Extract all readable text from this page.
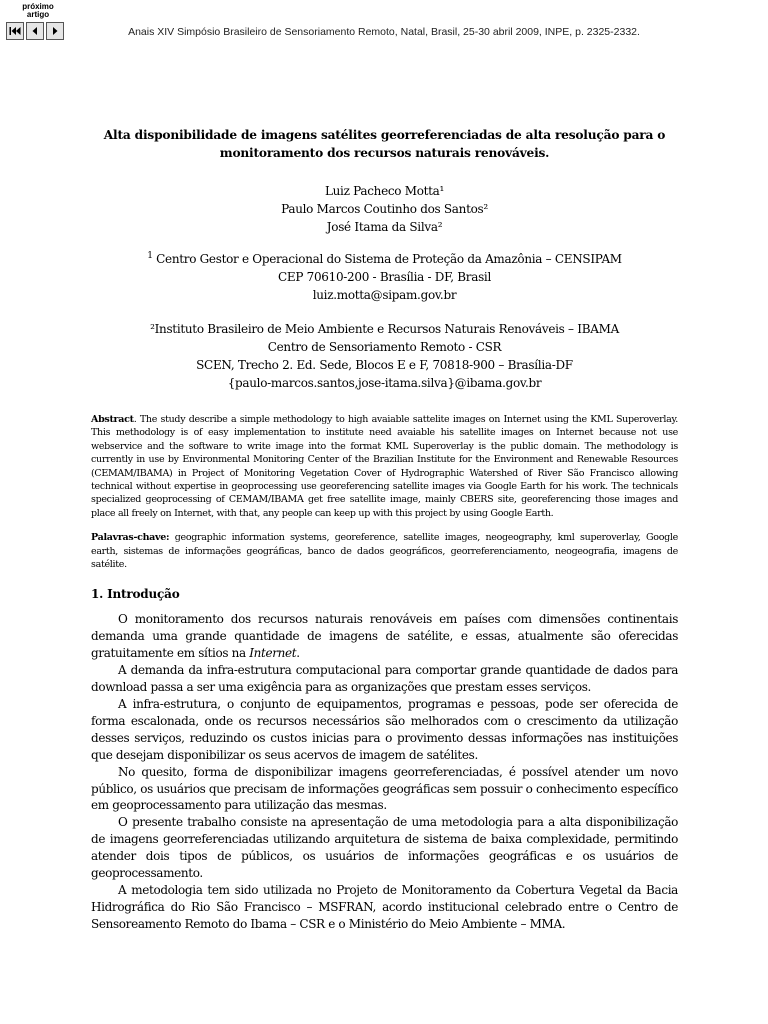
próximo
artigo
Anais XIV Simpósio Brasileiro de Sensoriamento Remoto, Natal, Brasil, 25-30 abril 2009, INPE, p. 2325-2332.
Alta disponibilidade de imagens satélites georreferenciadas de alta resolução para o monitoramento dos recursos naturais renováveis.
Luiz Pacheco Motta¹
Paulo Marcos Coutinho dos Santos²
José Itama da Silva²
$^1$ Centro Gestor e Operacional do Sistema de Proteção da Amazônia – CENSIPAM
CEP 70610-200 - Brasília - DF, Brasil
luiz.motta@sipam.gov.br
²Instituto Brasileiro de Meio Ambiente e Recursos Naturais Renováveis – IBAMA
Centro de Sensoriamento Remoto - CSR
SCEN, Trecho 2. Ed. Sede, Blocos E e F, 70818-900 – Brasília-DF
{paulo-marcos.santos,jose-itama.silva}@ibama.gov.br
Abstract. The study describe a simple methodology to high avaiable sattelite images on Internet using the KML Superoverlay. This methodology is of easy implementation to institute need avaiable his satellite images on Internet because not use webservice and the software to write image into the format KML Superoverlay is the public domain. The methodology is currently in use by Environmental Monitoring Center of the Brazilian Institute for the Environment and Renewable Resources (CEMAM/IBAMA) in Project of Monitoring Vegetation Cover of Hydrographic Watershed of River São Francisco allowing technical without expertise in geoprocessing use georeferencing satellite images via Google Earth for his work. The technicals specialized geoprocessing of CEMAM/IBAMA get free satellite image, mainly CBERS site, georeferencing those images and place all freely on Internet, with that, any people can keep up with this project by using Google Earth.
Palavras-chave: geographic information systems, georeference, satellite images, neogeography, kml superoverlay, Google earth, sistemas de informações geográficas, banco de dados geográficos, georreferenciamento, neogeografia, imagens de satélite.
1. Introdução

O monitoramento dos recursos naturais renováveis em países com dimensões continentais demanda uma grande quantidade de imagens de satélite, e essas, atualmente são oferecidas gratuitamente em sítios na Internet.

A demanda da infra-estrutura computacional para comportar grande quantidade de dados para download passa a ser uma exigência para as organizações que prestam esses serviços.

A infra-estrutura, o conjunto de equipamentos, programas e pessoas, pode ser oferecida de forma escalonada, onde os recursos necessários são melhorados com o crescimento da utilização desses serviços, reduzindo os custos inicias para o provimento dessas informações nas instituições que desejam disponibilizar os seus acervos de imagem de satélites.

No quesito, forma de disponibilizar imagens georreferenciadas, é possível atender um novo público, os usuários que precisam de informações geográficas sem possuir o conhecimento específico em geoprocessamento para utilização das mesmas.

O presente trabalho consiste na apresentação de uma metodologia para a alta disponibilização de imagens georreferenciadas utilizando arquitetura de sistema de baixa complexidade, permitindo atender dois tipos de públicos, os usuários de informações geográficas e os usuários de geoprocessamento.

A metodologia tem sido utilizada no Projeto de Monitoramento da Cobertura Vegetal da Bacia Hidrográfica do Rio São Francisco – MSFRAN, acordo institucional celebrado entre o Centro de Sensoreamento Remoto do Ibama – CSR e o Ministério do Meio Ambiente – MMA.
